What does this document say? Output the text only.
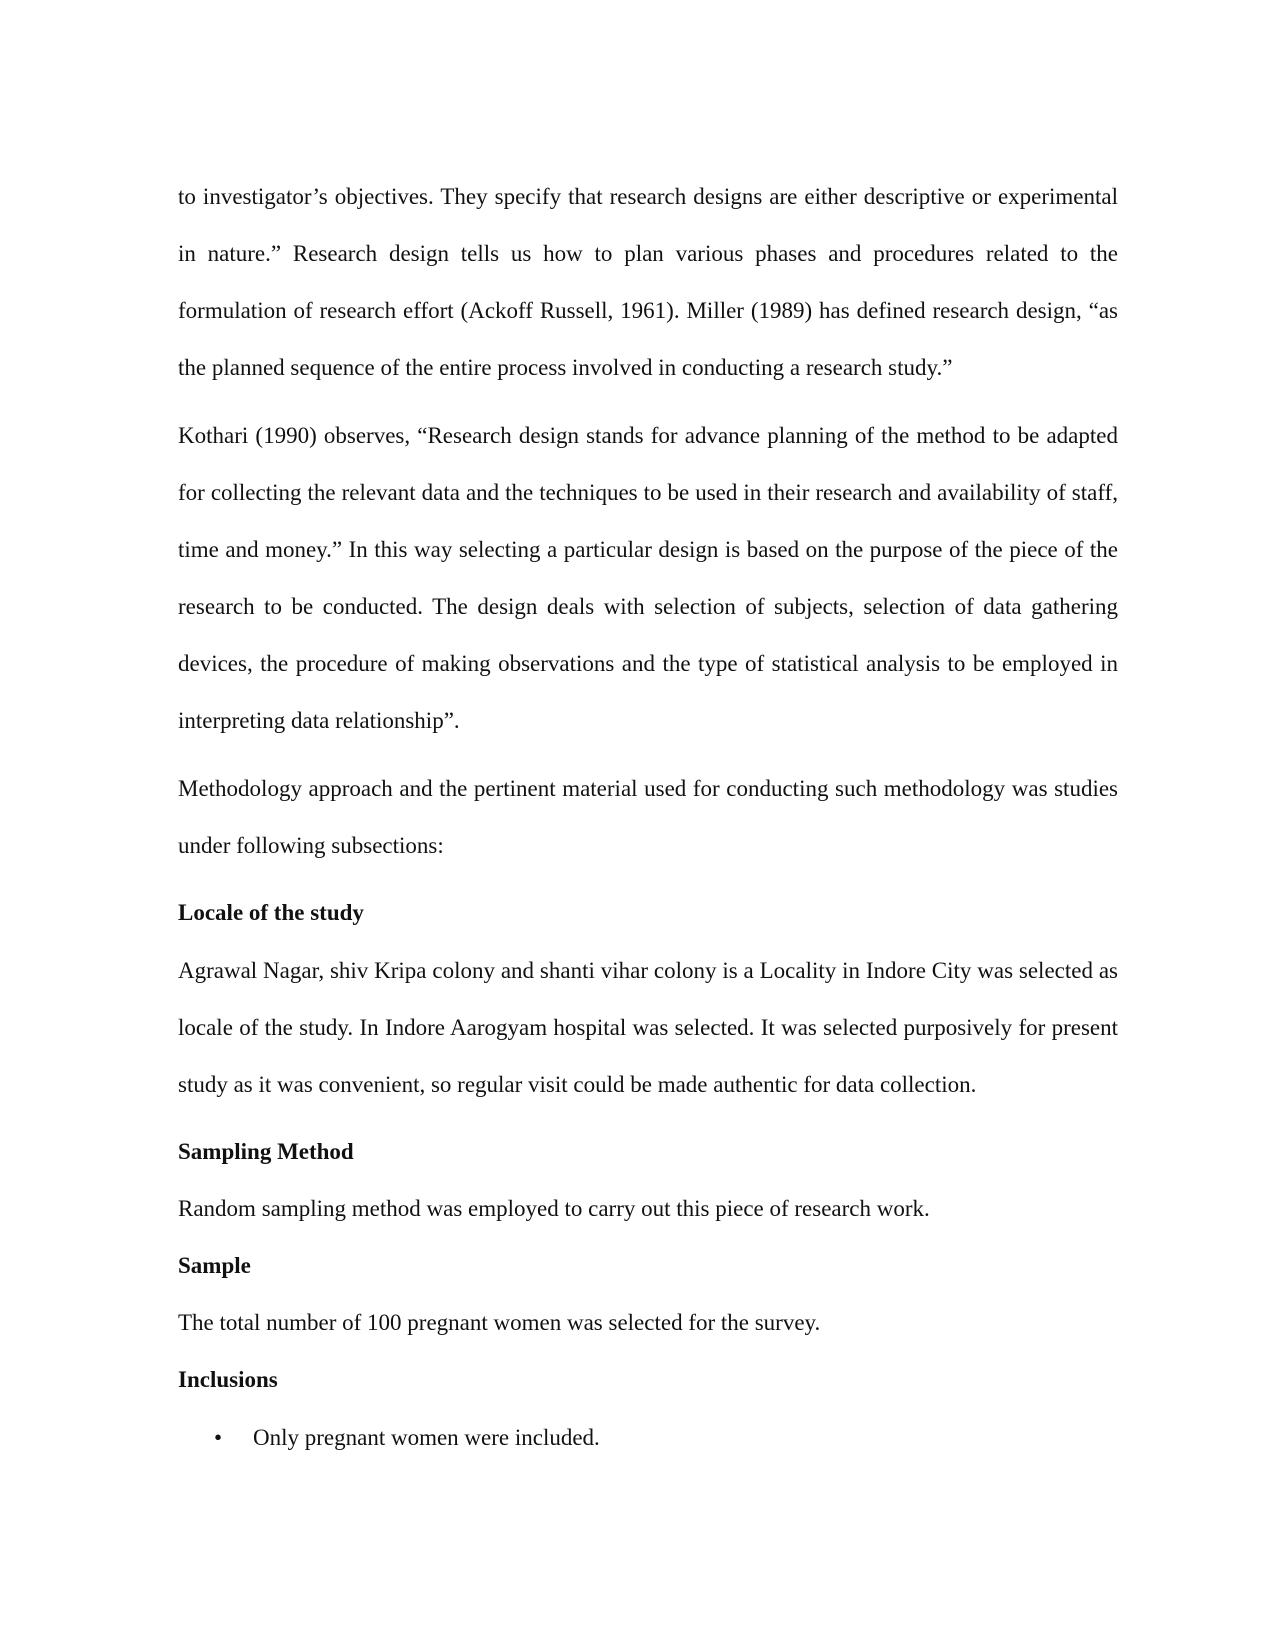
to investigator’s objectives. They specify that research designs are either descriptive or experimental in nature.” Research design tells us how to plan various phases and procedures related to the formulation of research effort (Ackoff Russell, 1961). Miller (1989) has defined research design, “as the planned sequence of the entire process involved in conducting a research study.”

Kothari (1990) observes, “Research design stands for advance planning of the method to be adapted for collecting the relevant data and the techniques to be used in their research and availability of staff, time and money.” In this way selecting a particular design is based on the purpose of the piece of the research to be conducted. The design deals with selection of subjects, selection of data gathering devices, the procedure of making observations and the type of statistical analysis to be employed in interpreting data relationship”.

Methodology approach and the pertinent material used for conducting such methodology was studies under following subsections:

Locale of the study

Agrawal Nagar, shiv Kripa colony and shanti vihar colony is a Locality in Indore City was selected as locale of the study. In Indore Aarogyam hospital was selected. It was selected purposively for present study as it was convenient, so regular visit could be made authentic for data collection.

Sampling Method
Random sampling method was employed to carry out this piece of research work.
Sample
The total number of 100 pregnant women was selected for the survey.
Inclusions
• Only pregnant women were included.
